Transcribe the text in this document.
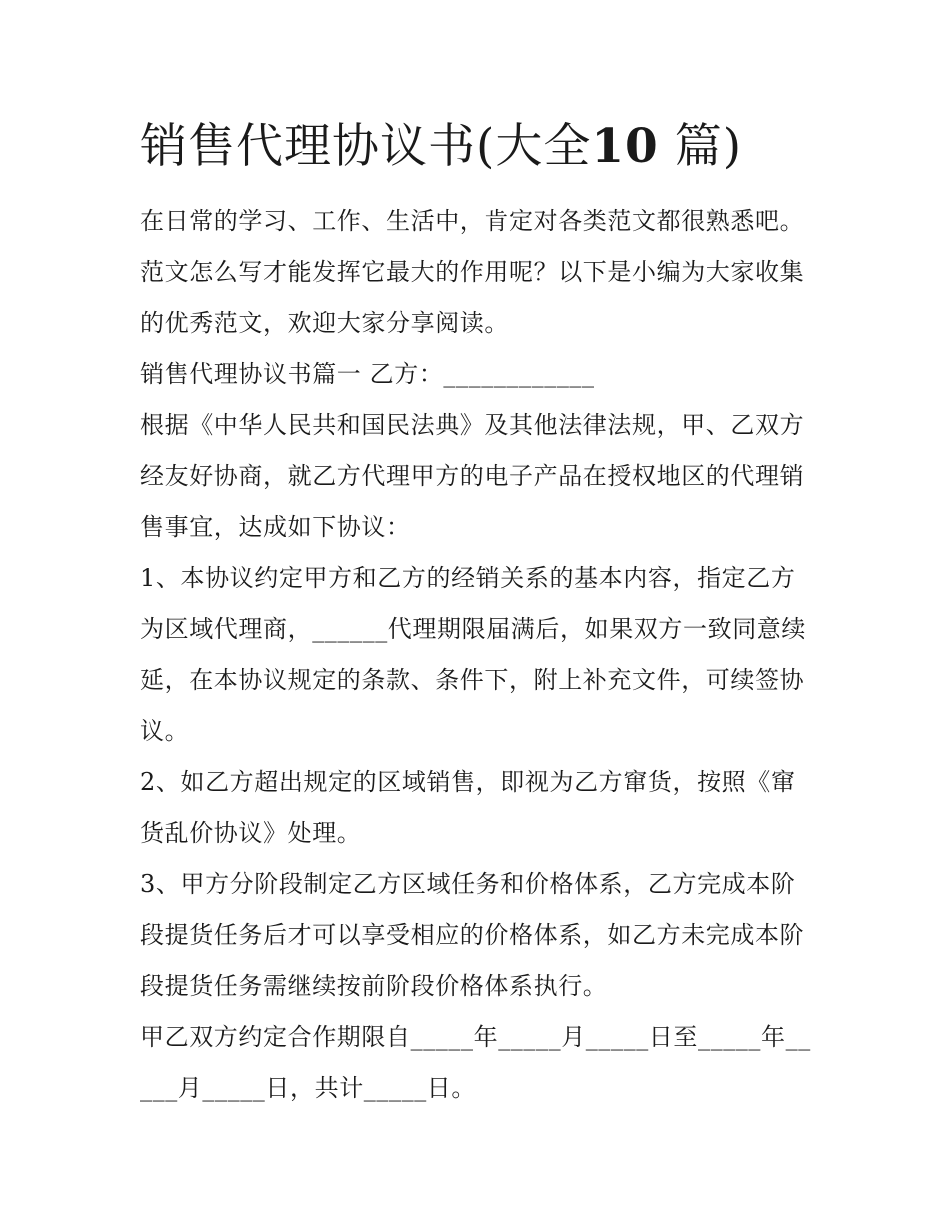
销售代理协议书(大全10 篇)

在日常的学习、工作、生活中，肯定对各类范文都很熟悉吧。范文怎么写才能发挥它最大的作用呢？以下是小编为大家收集的优秀范文，欢迎大家分享阅读。

销售代理协议书篇一 乙方：____________

根据《中华人民共和国民法典》及其他法律法规，甲、乙双方经友好协商，就乙方代理甲方的电子产品在授权地区的代理销售事宜，达成如下协议：

1、本协议约定甲方和乙方的经销关系的基本内容，指定乙方为区域代理商，______代理期限届满后，如果双方一致同意续延，在本协议规定的条款、条件下，附上补充文件，可续签协议。

2、如乙方超出规定的区域销售，即视为乙方窜货，按照《窜货乱价协议》处理。

3、甲方分阶段制定乙方区域任务和价格体系，乙方完成本阶段提货任务后才可以享受相应的价格体系，如乙方未完成本阶段提货任务需继续按前阶段价格体系执行。

甲乙双方约定合作期限自_____年_____月_____日至_____年_____月_____日，共计_____日。
